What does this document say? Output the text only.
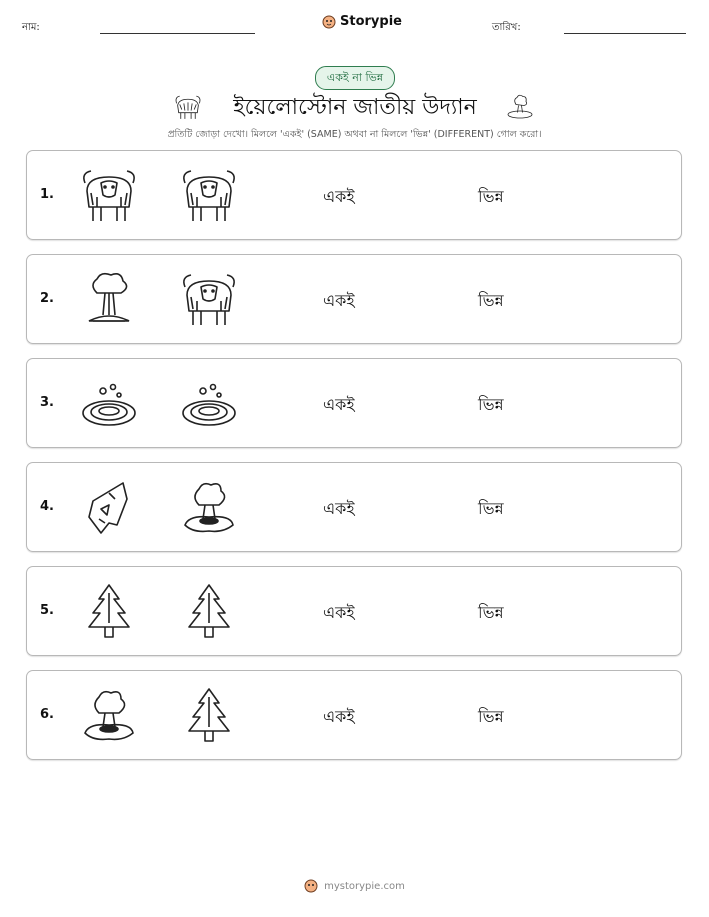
নাম:	Storypie	তারিখ:
একই না ভিন্ন
ইয়েলোস্টোন জাতীয় উদ্যান
প্রতিটি জোড়া দেখো। মিললে 'একই' (SAME) অথবা না মিললে 'ভিন্ন' (DIFFERENT) গোল করো।
1.	একই	ভিন্ন
2.	একই	ভিন্ন
3.	একই	ভিন্ন
4.	একই	ভিন্ন
5.	একই	ভিন্ন
6.	একই	ভিন্ন
mystorypie.com
